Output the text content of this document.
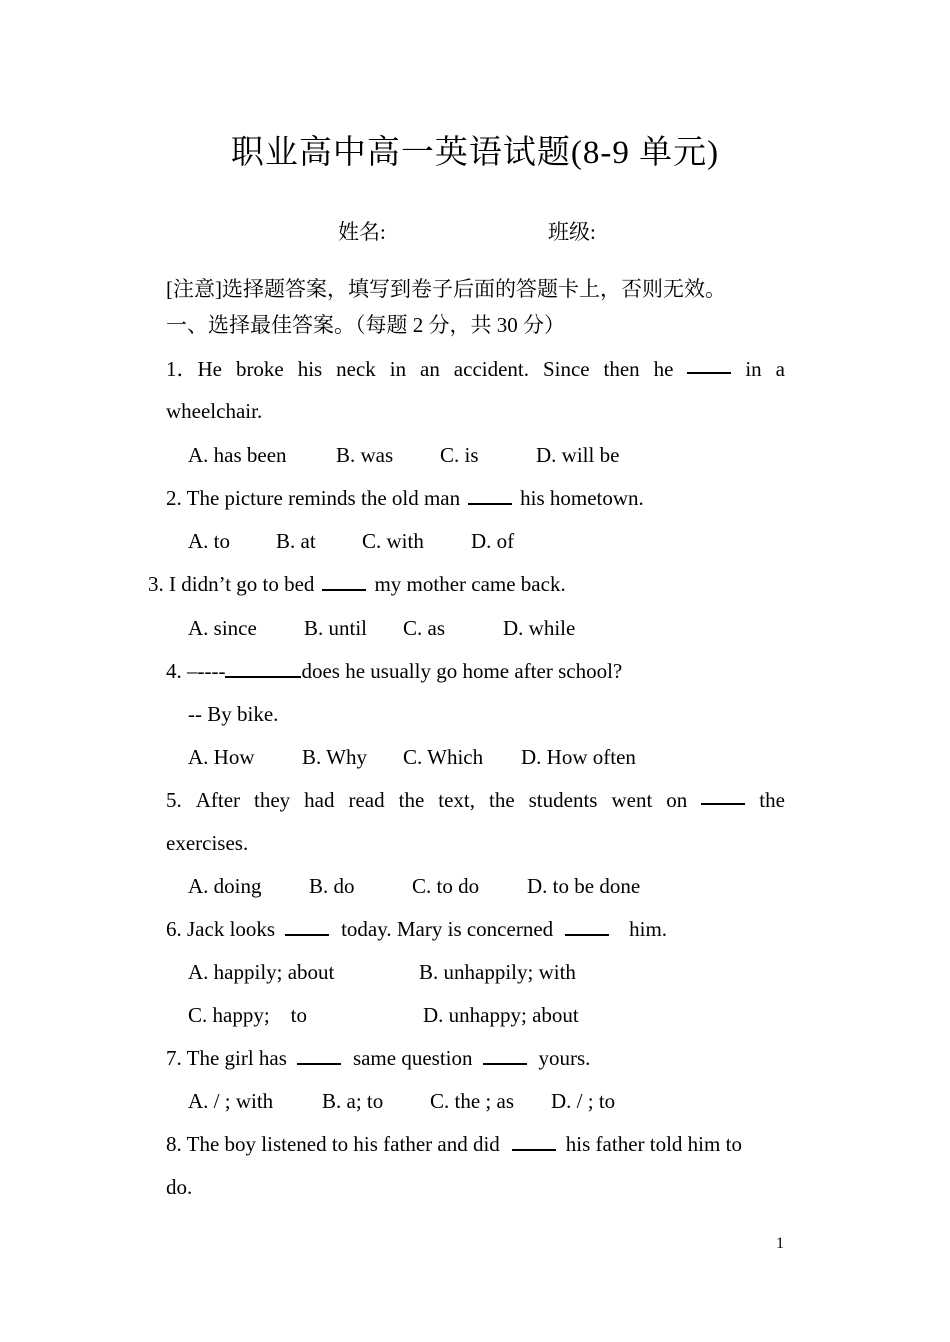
职业高中高一英语试题(8-9 单元)
姓名:	班级:
[注意]选择题答案，填写到卷子后面的答题卡上，否则无效。
一、选择最佳答案。（每题 2 分，共 30 分）
1．He broke his neck in an accident. Since then he	in a
wheelchair.
A. has been B. was C. is	D. will be
2. The picture reminds the old man	his hometown.
A. to B. at C. with D. of
3. I didn’t go to bed	my mother came back.
A. since B. until C. as	D. while
4. –----	does he usually go home after school?
-- By bike.
A. How B. Why C. Which D. How often
5. After they had read the text, the students went on	the
exercises.
A. doing B. do	C. to do D. to be done
6. Jack looks	today. Mary is concerned	him.
A. happily; about	B. unhappily; with
C. happy;    to	D. unhappy; about
7. The girl has	same question	yours.
A. / ; with B. a; to C. the ; as D. / ; to
8. The boy listened to his father and did	his father told him to
do.
1
